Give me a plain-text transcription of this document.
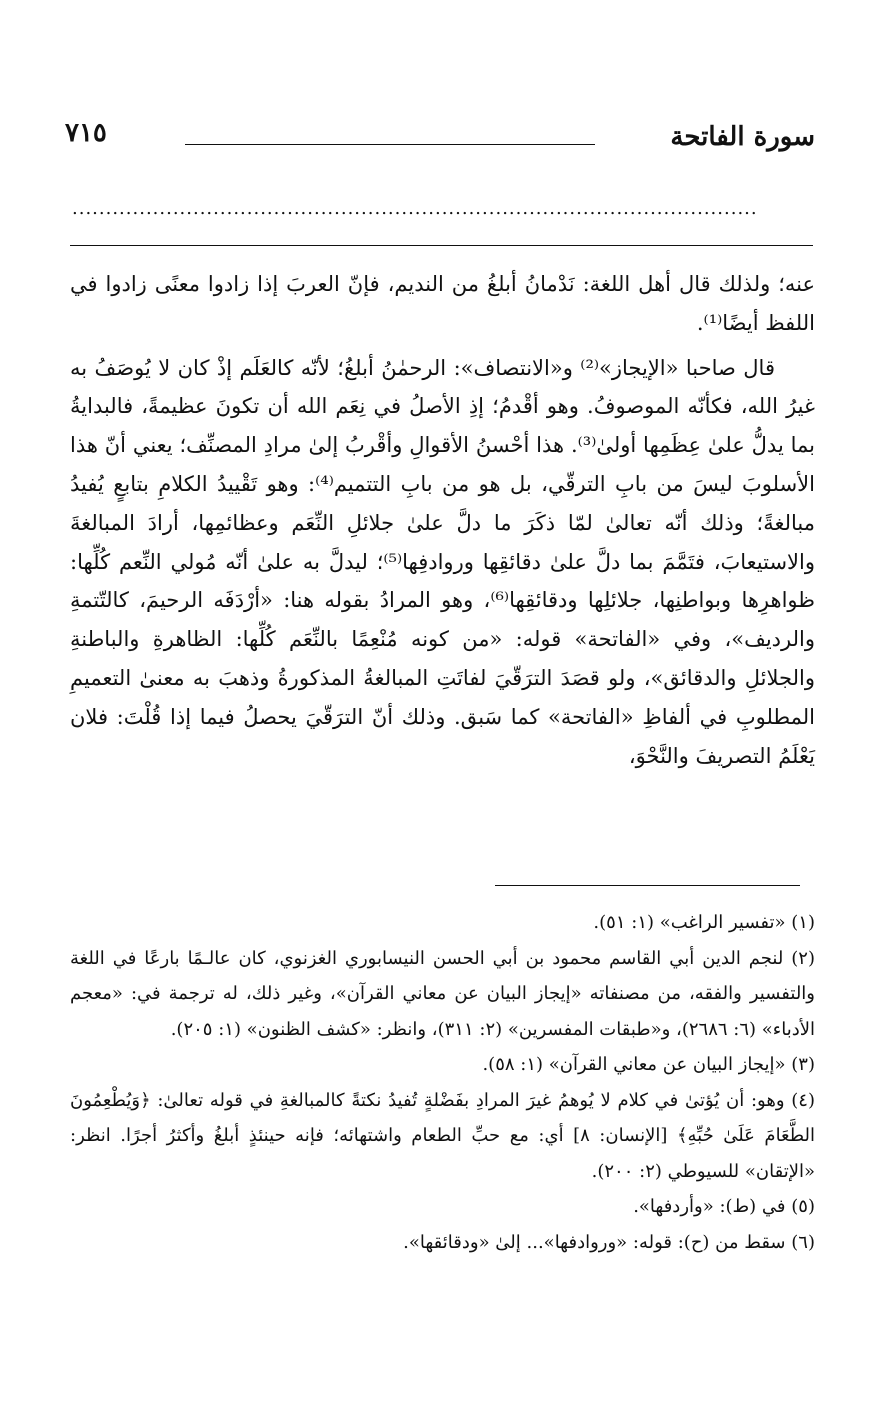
سورة الفاتحة
٧١٥
......................................................................................................

عنه؛ ولذلك قال أهل اللغة: نَدْمانُ أبلغُ من النديم، فإنّ العربَ إذا زادوا معنًى زادوا في اللفظ أيضًا⁽¹⁾.

قال صاحبا «الإيجاز»⁽²⁾ و«الانتصاف»: الرحمٰنُ أبلغُ؛ لأنّه كالعَلَم إذْ كان لا يُوصَفُ به غيرُ الله، فكأنّه الموصوفُ. وهو أقْدمُ؛ إذِ الأصلُ في نِعَم الله أن تكونَ عظيمةً، فالبدايةُ بما يدلُّ علىٰ عِظَمِها أولىٰ⁽³⁾. هذا أحْسنُ الأقوالِ وأقْربُ إلىٰ مرادِ المصنِّف؛ يعني أنّ هذا الأسلوبَ ليسَ من بابِ الترقّي، بل هو من بابِ التتميم⁽⁴⁾: وهو تَقْييدُ الكلامِ بتابعٍ يُفيدُ مبالغةً؛ وذلك أنّه تعالىٰ لمّا ذكَرَ ما دلَّ علىٰ جلائلِ النِّعَم وعظائمِها، أرادَ المبالغةَ والاستيعابَ، فتَمَّمَ بما دلَّ علىٰ دقائقِها وروادفِها⁽⁵⁾؛ ليدلَّ به علىٰ أنّه مُولي النِّعم كُلِّها: ظواهرِها وبواطنِها، جلائلِها ودقائقِها⁽⁶⁾، وهو المرادُ بقوله هنا: «أرْدَفَه الرحيمَ، كالتّتمةِ والرديف»، وفي «الفاتحة» قوله: «من كونه مُنْعِمًا بالنِّعَم كُلِّها: الظاهرةِ والباطنةِ والجلائلِ والدقائق»، ولو قصَدَ الترَقّيَ لفاتَتِ المبالغةُ المذكورةُ وذهبَ به معنىٰ التعميمِ المطلوبِ في ألفاظِ «الفاتحة» كما سَبق. وذلك أنّ الترَقّيَ يحصلُ فيما إذا قُلْتَ: فلان يَعْلَمُ التصريفَ والنَّحْوَ،

(١) «تفسير الراغب» (١: ٥١).

(٢) لنجم الدين أبي القاسم محمود بن أبي الحسن النيسابوري الغزنوي، كان عالـمًا بارعًا في اللغة والتفسير والفقه، من مصنفاته «إيجاز البيان عن معاني القرآن»، وغير ذلك، له ترجمة في: «معجم الأدباء» (٦: ٢٦٨٦)، و«طبقات المفسرين» (٢: ٣١١)، وانظر: «كشف الظنون» (١: ٢٠٥).

(٣) «إيجاز البيان عن معاني القرآن» (١: ٥٨).

(٤) وهو: أن يُؤتىٰ في كلام لا يُوهمُ غيرَ المرادِ بفَضْلةٍ تُفيدُ نكتةً كالمبالغةِ في قوله تعالىٰ: ﴿وَيُطْعِمُونَ الطَّعَامَ عَلَىٰ حُبِّهِ﴾ [الإنسان: ٨] أي: مع حبِّ الطعام واشتهائه؛ فإنه حينئذٍ أبلغُ وأكثرُ أجرًا. انظر: «الإتقان» للسيوطي (٢: ٢٠٠).

(٥) في (ط): «وأردفها».

(٦) سقط من (ح): قوله: «وروادفها»... إلىٰ «ودقائقها».
